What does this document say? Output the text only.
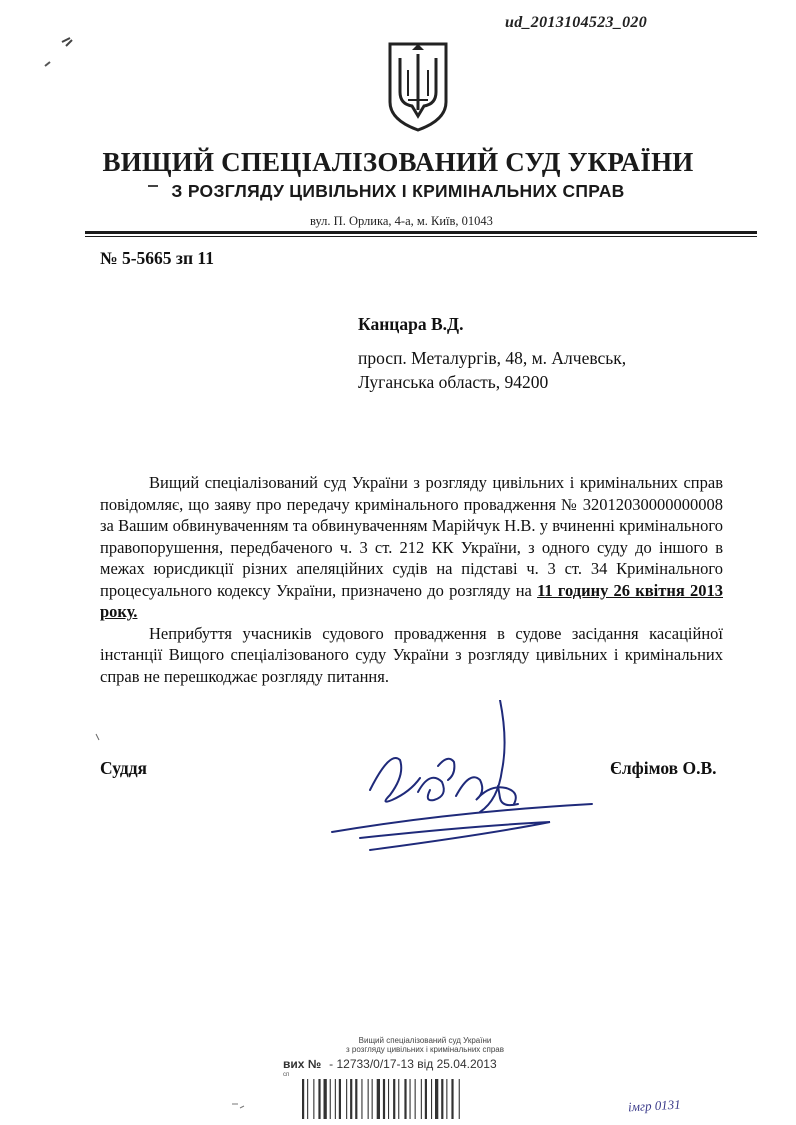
ud_2013104523_020
ВИЩИЙ СПЕЦІАЛІЗОВАНИЙ СУД УКРАЇНИ
З РОЗГЛЯДУ ЦИВІЛЬНИХ І КРИМІНАЛЬНИХ СПРАВ
вул. П. Орлика, 4-а, м. Київ, 01043
№ 5-5665 зп 11
Канцара В.Д.
просп. Металургів, 48, м. Алчевськ,
Луганська область, 94200

Вищий спеціалізований суд України з розгляду цивільних і кримінальних справ повідомляє, що заяву про передачу кримінального провадження № 32012030000000008 за Вашим обвинуваченням та обвинуваченням Марійчук Н.В. у вчиненні кримінального правопорушення, передбаченого ч. 3 ст. 212 КК України, з одного суду до іншого в межах юрисдикції різних апеляційних судів на підставі ч. 3 ст. 34 Кримінального процесуального кодексу України, призначено до розгляду на 11 годину 26 квітня 2013 року.

Неприбуття учасників судового провадження в судове засідання касаційної інстанції Вищого спеціалізованого суду України з розгляду цивільних і кримінальних справ не перешкоджає розгляду питання.

Суддя	Єлфімов О.В.
Вищий спеціалізований суд України
з розгляду цивільних і кримінальних справ
вих № - 12733/0/17-13 від 25.04.2013
сп
імгр 0131
